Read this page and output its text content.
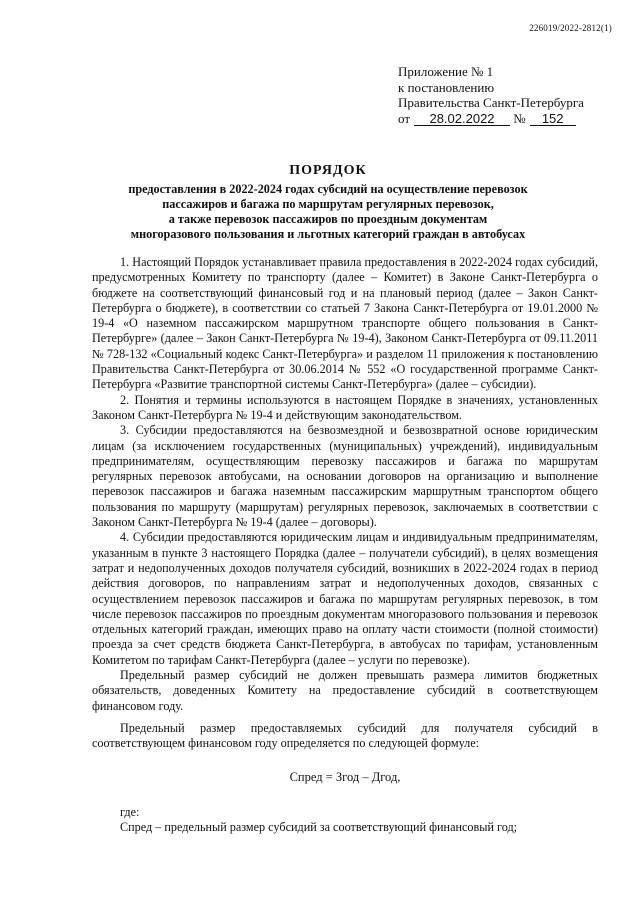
226019/2022-2812(1)
Приложение № 1
к постановлению
Правительства Санкт-Петербурга
от 28.02.2022 № 152
ПОРЯДОК
предоставления в 2022-2024 годах субсидий на осуществление перевозок
пассажиров и багажа по маршрутам регулярных перевозок,
а также перевозок пассажиров по проездным документам
многоразового пользования и льготных категорий граждан в автобусах

1. Настоящий Порядок устанавливает правила предоставления в 2022-2024 годах субсидий, предусмотренных Комитету по транспорту (далее – Комитет) в Законе Санкт-Петербурга о бюджете на соответствующий финансовый год и на плановый период (далее – Закон Санкт-Петербурга о бюджете), в соответствии со статьей 7 Закона Санкт-Петербурга от 19.01.2000 № 19-4 «О наземном пассажирском маршрутном транспорте общего пользования в Санкт-Петербурге» (далее – Закон Санкт-Петербурга № 19-4), Законом Санкт-Петербурга от 09.11.2011 № 728-132 «Социальный кодекс Санкт-Петербурга» и разделом 11 приложения к постановлению Правительства Санкт-Петербурга от 30.06.2014 № 552 «О государственной программе Санкт-Петербурга «Развитие транспортной системы Санкт-Петербурга» (далее – субсидии).

2. Понятия и термины используются в настоящем Порядке в значениях, установленных Законом Санкт-Петербурга № 19-4 и действующим законодательством.

3. Субсидии предоставляются на безвозмездной и безвозвратной основе юридическим лицам (за исключением государственных (муниципальных) учреждений), индивидуальным предпринимателям, осуществляющим перевозку пассажиров и багажа по маршрутам регулярных перевозок автобусами, на основании договоров на организацию и выполнение перевозок пассажиров и багажа наземным пассажирским маршрутным транспортом общего пользования по маршруту (маршрутам) регулярных перевозок, заключаемых в соответствии с Законом Санкт-Петербурга № 19-4 (далее – договоры).

4. Субсидии предоставляются юридическим лицам и индивидуальным предпринимателям, указанным в пункте 3 настоящего Порядка (далее – получатели субсидий), в целях возмещения затрат и недополученных доходов получателя субсидий, возникших в 2022-2024 годах в период действия договоров, по направлениям затрат и недополученных доходов, связанных с осуществлением перевозок пассажиров и багажа по маршрутам регулярных перевозок, в том числе перевозок пассажиров по проездным документам многоразового пользования и перевозок отдельных категорий граждан, имеющих право на оплату части стоимости (полной стоимости) проезда за счет средств бюджета Санкт-Петербурга, в автобусах по тарифам, установленным Комитетом по тарифам Санкт-Петербурга (далее – услуги по перевозке).

Предельный размер субсидий не должен превышать размера лимитов бюджетных обязательств, доведенных Комитету на предоставление субсидий в соответствующем финансовом году.

Предельный размер предоставляемых субсидий для получателя субсидий в соответствующем финансовом году определяется по следующей формуле:

Спред = Згод – Дгод,

где:

Спред – предельный размер субсидий за соответствующий финансовый год;
